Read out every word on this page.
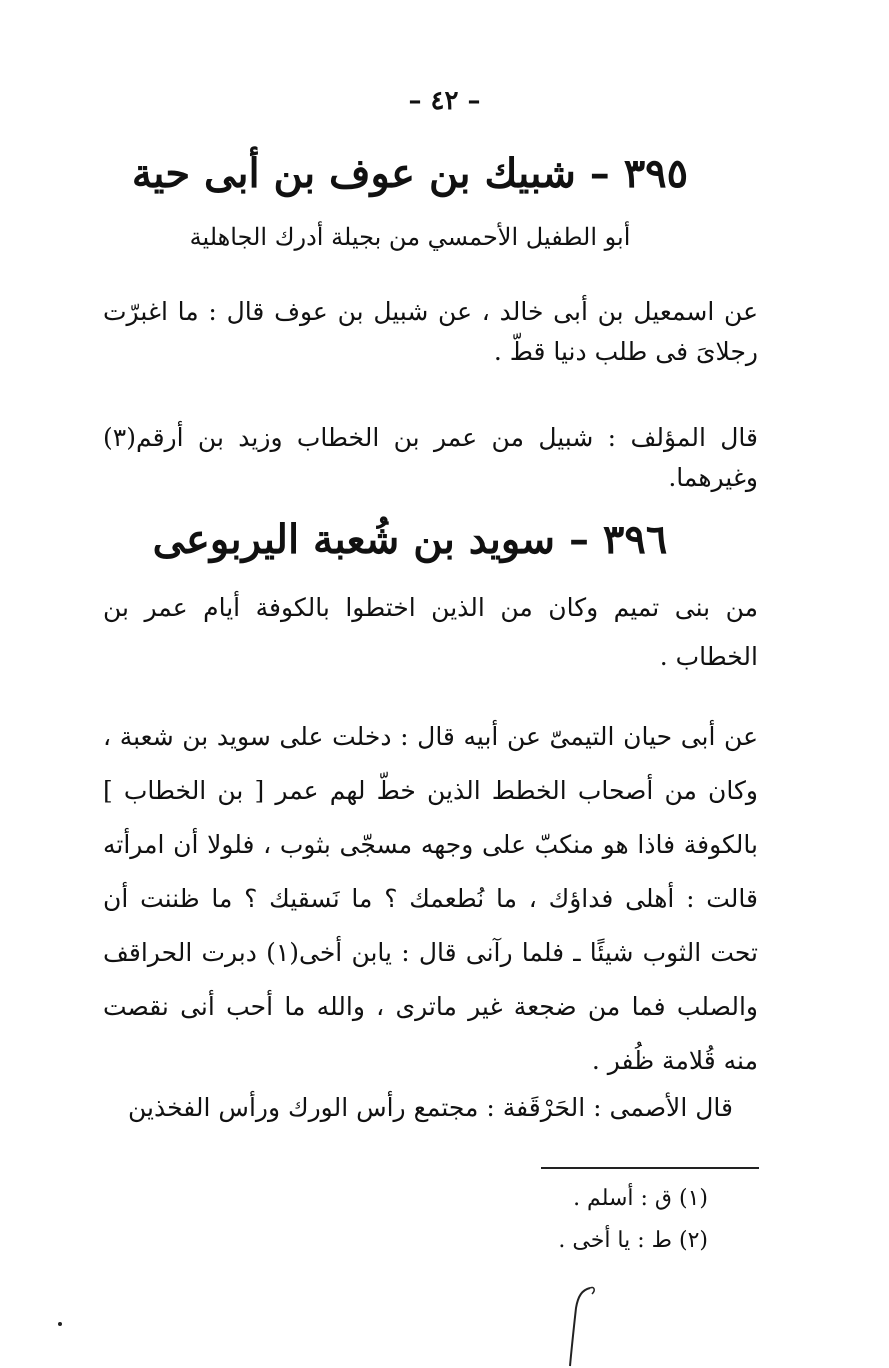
– ٤٢ –
٣٩٥ – شبيك بن عوف بن أبى حية
أبو الطفيل الأحمسي من بجيلة أدرك الجاهلية
عن اسمعيل بن أبى خالد ، عن شبيل بن عوف قال : ما اغبرّت رجلاىَ فى طلب دنيا قطّ .
قال المؤلف : شبيل من عمر بن الخطاب وزيد بن أرقم(٣) وغيرهما.
٣٩٦ – سويد بن شُعبة اليربوعى
من بنى تميم وكان من الذين اختطوا بالكوفة أيام عمر بن الخطاب .
عن أبى حيان التيمىّ عن أبيه قال : دخلت على سويد بن شعبة ، وكان من أصحاب الخطط الذين خطّ لهم عمر [ بن الخطاب ] بالكوفة فاذا هو منكبّ على وجهه مسجّى بثوب ، فلولا أن امرأته قالت : أهلى فداؤك ، ما نُطعمك ؟ ما نَسقيك ؟ ما ظننت أن تحت الثوب شيئًا ـ فلما رآنى قال : يابن أخى(١) دبرت الحراقف والصلب فما من ضجعة غير ماترى ، والله ما أحب أنى نقصت منه قُلامة ظُفر .
قال الأصمى : الحَرْقَفة : مجتمع رأس الورك ورأس الفخذين
(١) ق : أسلم .
(٢) ط : يا أخى .
